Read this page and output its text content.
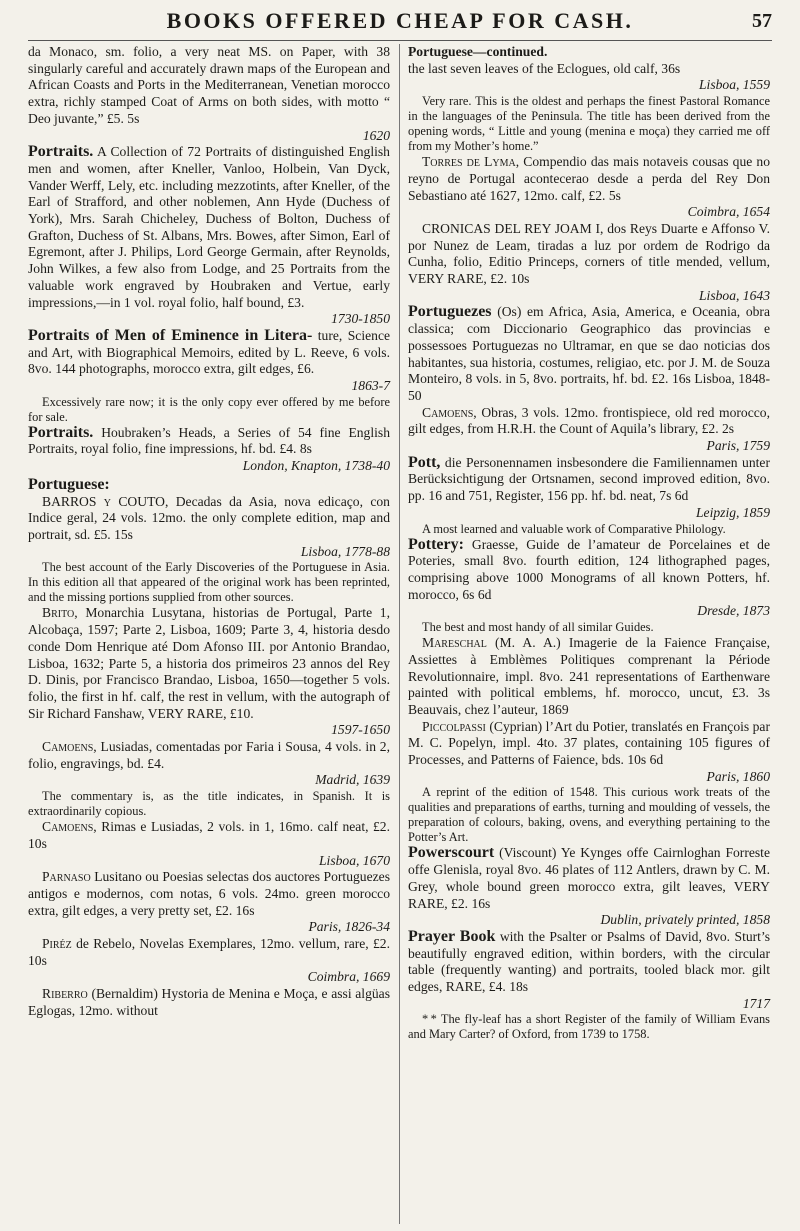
BOOKS OFFERED CHEAP FOR CASH.	57

da Monaco, sm. folio, a very neat MS. on Paper, with 38 singularly careful and accurately drawn maps of the European and African Coasts and Ports in the Mediterranean, Venetian morocco extra, richly stamped Coat of Arms on both sides, with motto “ Deo juvante,” £5. 5s
1620

Portraits. A Collection of 72 Portraits of distinguished English men and women, after Kneller, Vanloo, Holbein, Van Dyck, Vander Werff, Lely, etc. including mezzotints, after Kneller, of the Earl of Strafford, and other noblemen, Ann Hyde (Duchess of York), Mrs. Sarah Chicheley, Duchess of Bolton, Duchess of Grafton, Duchess of St. Albans, Mrs. Bowes, after Simon, Earl of Egremont, after J. Philips, Lord George Germain, after Reynolds, John Wilkes, a few also from Lodge, and 25 Portraits from the valuable work engraved by Houbraken and Vertue, early impressions,—in 1 vol. royal folio, half bound, £3.
1730-1850

Portraits of Men of Eminence in Litera- ture, Science and Art, with Biographical Memoirs, edited by L. Reeve, 6 vols. 8vo. 144 photographs, morocco extra, gilt edges, £6.
1863-7

Excessively rare now; it is the only copy ever offered by me before for sale.

Portraits. Houbraken’s Heads, a Series of 54 fine English Portraits, royal folio, fine impressions, hf. bd. £4. 8s
London, Knapton, 1738-40

Portuguese:

BARROS y COUTO, Decadas da Asia, nova edicaço, con Indice geral, 24 vols. 12mo. the only complete edition, map and portrait, sd. £5. 15s
Lisboa, 1778-88

The best account of the Early Discoveries of the Portuguese in Asia. In this edition all that appeared of the original work has been reprinted, and the missing portions supplied from other sources.

Brito, Monarchia Lusytana, historias de Portugal, Parte 1, Alcobaça, 1597; Parte 2, Lisboa, 1609; Parte 3, 4, historia desdo conde Dom Henrique até Dom Afonso III. por Antonio Brandao, Lisboa, 1632; Parte 5, a historia dos primeiros 23 annos del Rey D. Dinis, por Francisco Brandao, Lisboa, 1650—together 5 vols. folio, the first in hf. calf, the rest in vellum, with the autograph of Sir Richard Fanshaw, VERY RARE, £10.
1597-1650

Camoens, Lusiadas, comentadas por Faria i Sousa, 4 vols. in 2, folio, engravings, bd. £4.
Madrid, 1639

The commentary is, as the title indicates, in Spanish. It is extraordinarily copious.

Camoens, Rimas e Lusiadas, 2 vols. in 1, 16mo. calf neat, £2. 10s
Lisboa, 1670

Parnaso Lusitano ou Poesias selectas dos auctores Portuguezes antigos e modernos, com notas, 6 vols. 24mo. green morocco extra, gilt edges, a very pretty set, £2. 16s
Paris, 1826-34

Piréz de Rebelo, Novelas Exemplares, 12mo. vellum, rare, £2. 10s
Coimbra, 1669

Riberro (Bernaldim) Hystoria de Menina e Moça, e assi algüas Eglogas, 12mo. without

Portuguese—continued.

the last seven leaves of the Eclogues, old calf, 36s
Lisboa, 1559

Very rare. This is the oldest and perhaps the finest Pastoral Romance in the languages of the Peninsula. The title has been derived from the opening words, “ Little and young (menina e moça) they carried me off from my Mother’s home.”

Torres de Lyma, Compendio das mais notaveis cousas que no reyno de Portugal acontecerao desde a perda del Rey Don Sebastiano até 1627, 12mo. calf, £2. 5s
Coimbra, 1654

CRONICAS DEL REY JOAM I, dos Reys Duarte e Affonso V. por Nunez de Leam, tiradas a luz por ordem de Rodrigo da Cunha, folio, Editio Princeps, corners of title mended, vellum, VERY RARE, £2. 10s
Lisboa, 1643

Portuguezes (Os) em Africa, Asia, America, e Oceania, obra classica; com Diccionario Geographico das provincias e possessoes Portuguezas no Ultramar, en que se dao noticias dos habitantes, sua historia, costumes, religiao, etc. por J. M. de Souza Monteiro, 8 vols. in 5, 8vo. portraits, hf. bd. £2. 16s Lisboa, 1848-50

Camoens, Obras, 3 vols. 12mo. frontispiece, old red morocco, gilt edges, from H.R.H. the Count of Aquila’s library, £2. 2s
Paris, 1759

Pott, die Personennamen insbesondere die Familiennamen unter Berücksichtigung der Ortsnamen, second improved edition, 8vo. pp. 16 and 751, Register, 156 pp. hf. bd. neat, 7s 6d
Leipzig, 1859

A most learned and valuable work of Comparative Philology.

Pottery: Graesse, Guide de l’amateur de Porcelaines et de Poteries, small 8vo. fourth edition, 124 lithographed pages, comprising above 1000 Monograms of all known Potters, hf. morocco, 6s 6d
Dresde, 1873

The best and most handy of all similar Guides.

Mareschal (M. A. A.) Imagerie de la Faience Française, Assiettes à Emblèmes Politiques comprenant la Période Revolutionnaire, impl. 8vo. 241 representations of Earthenware painted with political emblems, hf. morocco, uncut, £3. 3s Beauvais, chez l’auteur, 1869

Piccolpassi (Cyprian) l’Art du Potier, translatés en François par M. C. Popelyn, impl. 4to. 37 plates, containing 105 figures of Processes, and Patterns of Faience, bds. 10s 6d
Paris, 1860

A reprint of the edition of 1548. This curious work treats of the qualities and preparations of earths, turning and moulding of vessels, the preparation of colours, baking, ovens, and everything pertaining to the Potter’s Art.

Powerscourt (Viscount) Ye Kynges offe Cairnloghan Forreste offe Glenisla, royal 8vo. 46 plates of 112 Antlers, drawn by C. M. Grey, whole bound green morocco extra, gilt leaves, VERY RARE, £2. 16s
Dublin, privately printed, 1858

Prayer Book with the Psalter or Psalms of David, 8vo. Sturt’s beautifully engraved edition, within borders, with the circular table (frequently wanting) and portraits, tooled black mor. gilt edges, RARE, £4. 18s
1717

* * The fly-leaf has a short Register of the family of William Evans and Mary Carter? of Oxford, from 1739 to 1758.
